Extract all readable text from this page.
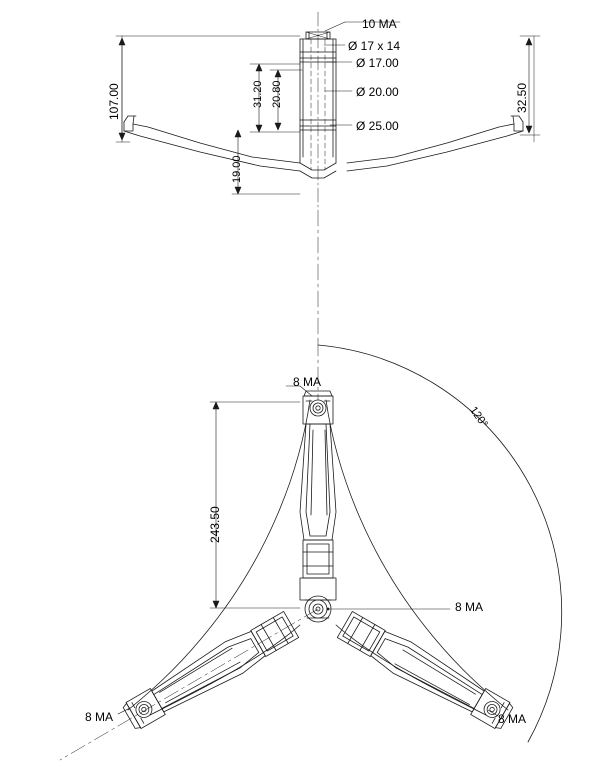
10 MA
Ø 17 x 14
Ø 17.00
Ø 20.00
Ø 25.00
107.00	32.50
31.20 20.80
19.00
8 MA
8 MA
8 MA	8 MA
243.50
120°
